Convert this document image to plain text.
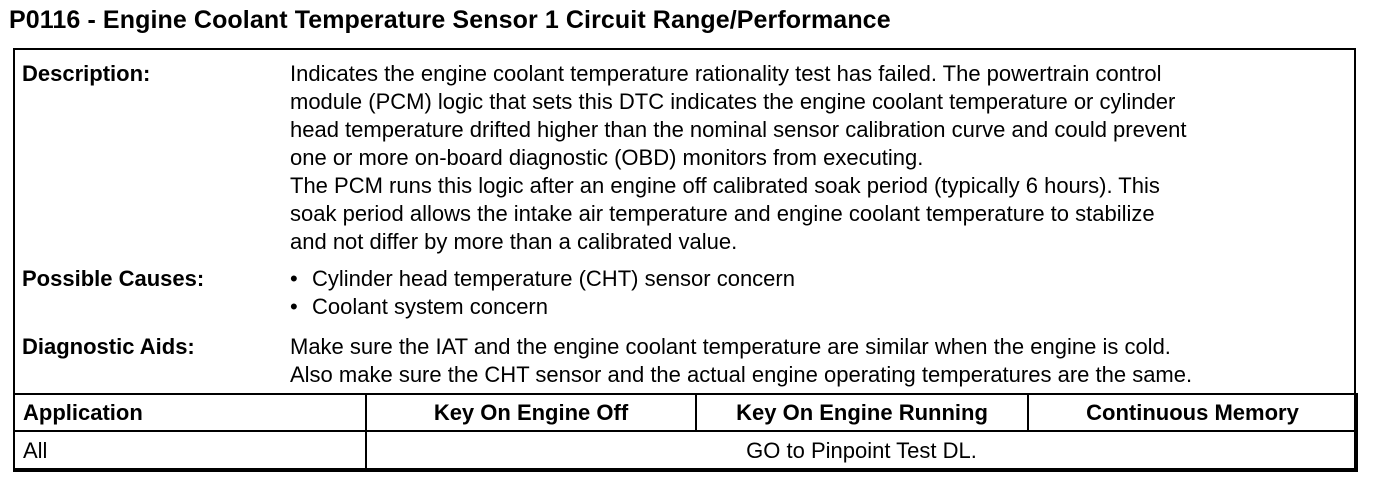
P0116 - Engine Coolant Temperature Sensor 1 Circuit Range/Performance
Description:	Indicates the engine coolant temperature rationality test has failed. The powertrain control

module (PCM) logic that sets this DTC indicates the engine coolant temperature or cylinder

head temperature drifted higher than the nominal sensor calibration curve and could prevent

one or more on-board diagnostic (OBD) monitors from executing.

The PCM runs this logic after an engine off calibrated soak period (typically 6 hours). This

soak period allows the intake air temperature and engine coolant temperature to stabilize

and not differ by more than a calibrated value.

Possible Causes:	• Cylinder head temperature (CHT) sensor concern
• Coolant system concern
Diagnostic Aids:	Make sure the IAT and the engine coolant temperature are similar when the engine is cold.

Also make sure the CHT sensor and the actual engine operating temperatures are the same.

Application	Key On Engine Off	Key On Engine Running	Continuous Memory
All	GO to Pinpoint Test DL.		
